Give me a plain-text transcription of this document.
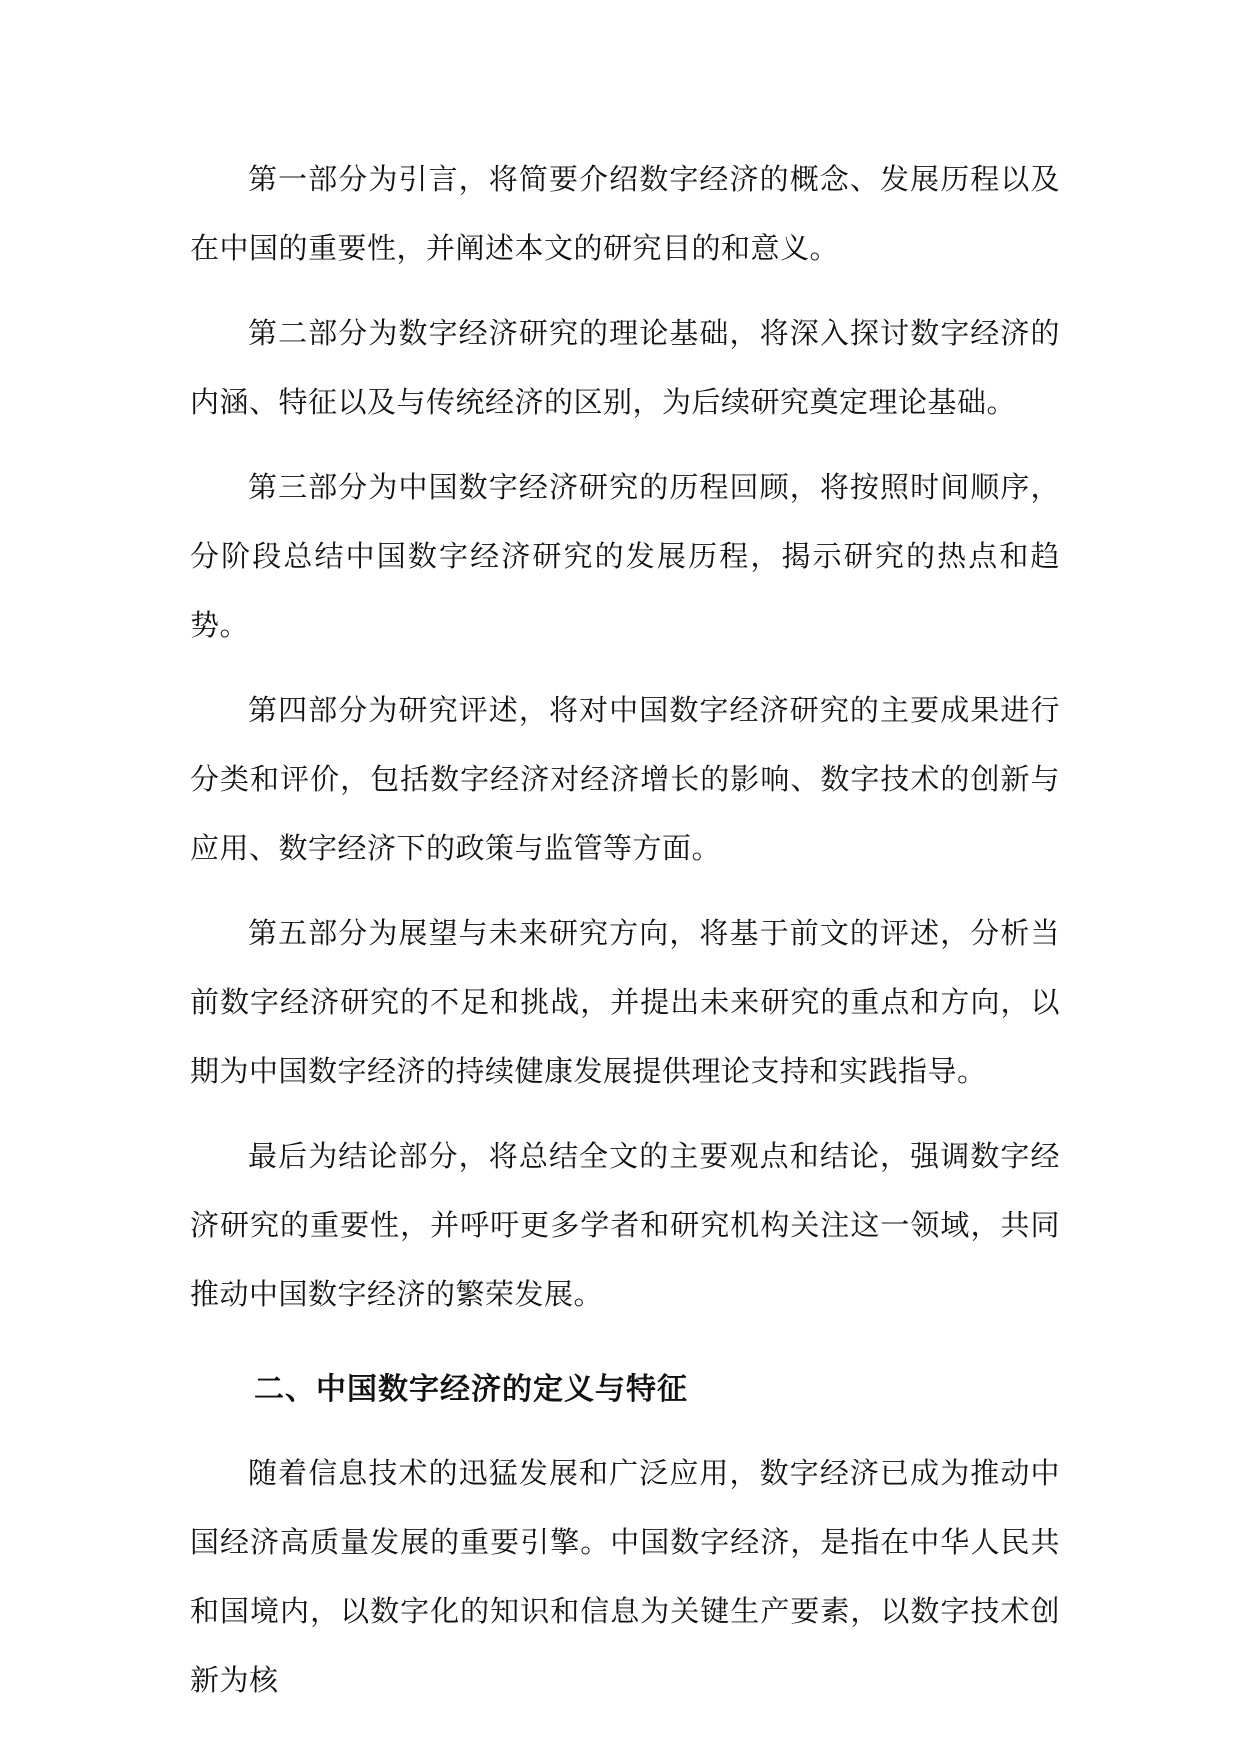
第一部分为引言，将简要介绍数字经济的概念、发展历程以及在中国的重要性，并阐述本文的研究目的和意义。

第二部分为数字经济研究的理论基础，将深入探讨数字经济的内涵、特征以及与传统经济的区别，为后续研究奠定理论基础。

第三部分为中国数字经济研究的历程回顾，将按照时间顺序，分阶段总结中国数字经济研究的发展历程，揭示研究的热点和趋势。

第四部分为研究评述，将对中国数字经济研究的主要成果进行分类和评价，包括数字经济对经济增长的影响、数字技术的创新与应用、数字经济下的政策与监管等方面。

第五部分为展望与未来研究方向，将基于前文的评述，分析当前数字经济研究的不足和挑战，并提出未来研究的重点和方向，以期为中国数字经济的持续健康发展提供理论支持和实践指导。

最后为结论部分，将总结全文的主要观点和结论，强调数字经济研究的重要性，并呼吁更多学者和研究机构关注这一领域，共同推动中国数字经济的繁荣发展。

二、中国数字经济的定义与特征

随着信息技术的迅猛发展和广泛应用，数字经济已成为推动中国经济高质量发展的重要引擎。中国数字经济，是指在中华人民共和国境内，以数字化的知识和信息为关键生产要素，以数字技术创新为核
